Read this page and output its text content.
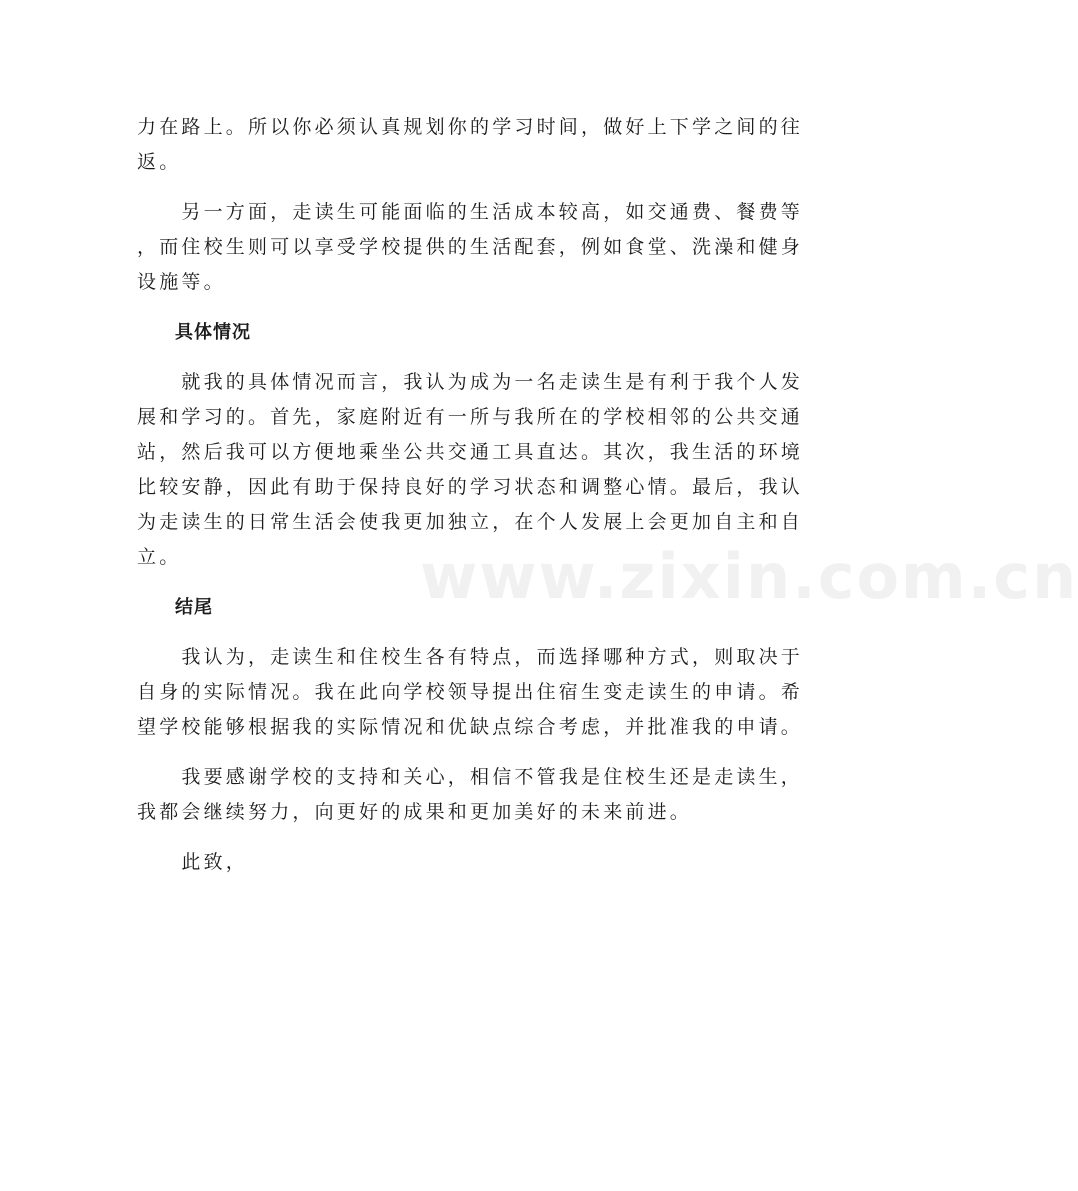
www.zixin.com.cn
力在路上。所以你必须认真规划你的学习时间，做好上下学之间的往
返。
　　另一方面，走读生可能面临的生活成本较高，如交通费、餐费等
，而住校生则可以享受学校提供的生活配套，例如食堂、洗澡和健身
设施等。
具体情况
　　就我的具体情况而言，我认为成为一名走读生是有利于我个人发
展和学习的。首先，家庭附近有一所与我所在的学校相邻的公共交通
站，然后我可以方便地乘坐公共交通工具直达。其次，我生活的环境
比较安静，因此有助于保持良好的学习状态和调整心情。最后，我认
为走读生的日常生活会使我更加独立，在个人发展上会更加自主和自
立。
结尾
　　我认为，走读生和住校生各有特点，而选择哪种方式，则取决于
自身的实际情况。我在此向学校领导提出住宿生变走读生的申请。希
望学校能够根据我的实际情况和优缺点综合考虑，并批准我的申请。
　　我要感谢学校的支持和关心，相信不管我是住校生还是走读生，
我都会继续努力，向更好的成果和更加美好的未来前进。
　　此致，
